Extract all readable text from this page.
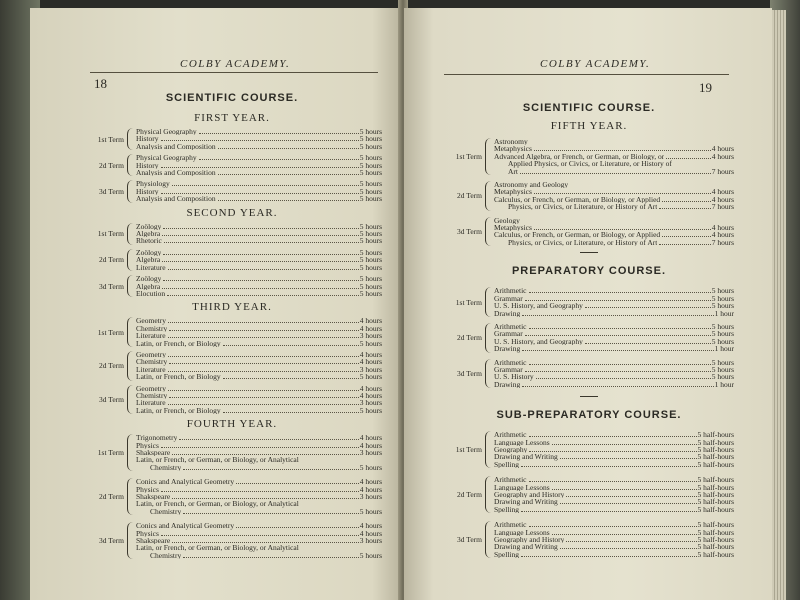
18
COLBY ACADEMY.

SCIENTIFIC COURSE.

FIRST YEAR.

1st Term
Physical Geography	5 hours
History	5 hours
Analysis and Composition	5 hours
2d Term
Physical Geography	5 hours
History	5 hours
Analysis and Composition	5 hours
3d Term
Physiology	5 hours
History	5 hours
Analysis and Composition	5 hours

SECOND YEAR.

1st Term
Zoölogy	5 hours
Algebra	5 hours
Rhetoric	5 hours
2d Term
Zoölogy	5 hours
Algebra	5 hours
Literature	5 hours
3d Term
Zoölogy	5 hours
Algebra	5 hours
Elocution	5 hours

THIRD YEAR.

1st Term
Geometry	4 hours
Chemistry	4 hours
Literature	3 hours
Latin, or French, or Biology	5 hours
2d Term
Geometry	4 hours
Chemistry	4 hours
Literature	3 hours
Latin, or French, or Biology	5 hours
3d Term
Geometry	4 hours
Chemistry	4 hours
Literature	3 hours
Latin, or French, or Biology	5 hours

FOURTH YEAR.

1st Term
Trigonometry	4 hours
Physics	4 hours
Shakspeare	3 hours
Latin, or French, or German, or Biology, or Analytical
Chemistry	5 hours
2d Term
Conics and Analytical Geometry	4 hours
Physics	4 hours
Shakspeare	3 hours
Latin, or French, or German, or Biology, or Analytical
Chemistry	5 hours
3d Term
Conics and Analytical Geometry	4 hours
Physics	4 hours
Shakspeare	3 hours
Latin, or French, or German, or Biology, or Analytical
Chemistry	5 hours
COLBY ACADEMY.
19

SCIENTIFIC COURSE.

FIFTH YEAR.

1st Term
Astronomy
Metaphysics	4 hours
Advanced Algebra, or French, or German, or Biology, or	4 hours
Applied Physics, or Civics, or Literature, or History of
Art	7 hours
2d Term
Astronomy and Geology
Metaphysics	4 hours
Calculus, or French, or German, or Biology, or Applied	4 hours
Physics, or Civics, or Literature, or History of Art	7 hours
3d Term
Geology
Metaphysics	4 hours
Calculus, or French, or German, or Biology, or Applied	4 hours
Physics, or Civics, or Literature, or History of Art	7 hours

PREPARATORY COURSE.

1st Term
Arithmetic	5 hours
Grammar	5 hours
U. S. History, and Geography	5 hours
Drawing	1 hour
2d Term
Arithmetic	5 hours
Grammar	5 hours
U. S. History, and Geography	5 hours
Drawing	1 hour
3d Term
Arithmetic	5 hours
Grammar	5 hours
U. S. History	5 hours
Drawing	1 hour

SUB-PREPARATORY COURSE.

1st Term
Arithmetic	5 half-hours
Language Lessons	5 half-hours
Geography	5 half-hours
Drawing and Writing	5 half-hours
Spelling	5 half-hours
2d Term
Arithmetic	5 half-hours
Language Lessons	5 half-hours
Geography and History	5 half-hours
Drawing and Writing	5 half-hours
Spelling	5 half-hours
3d Term
Arithmetic	5 half-hours
Language Lessons	5 half-hours
Geography and History	5 half-hours
Drawing and Writing	5 half-hours
Spelling	5 half-hours
